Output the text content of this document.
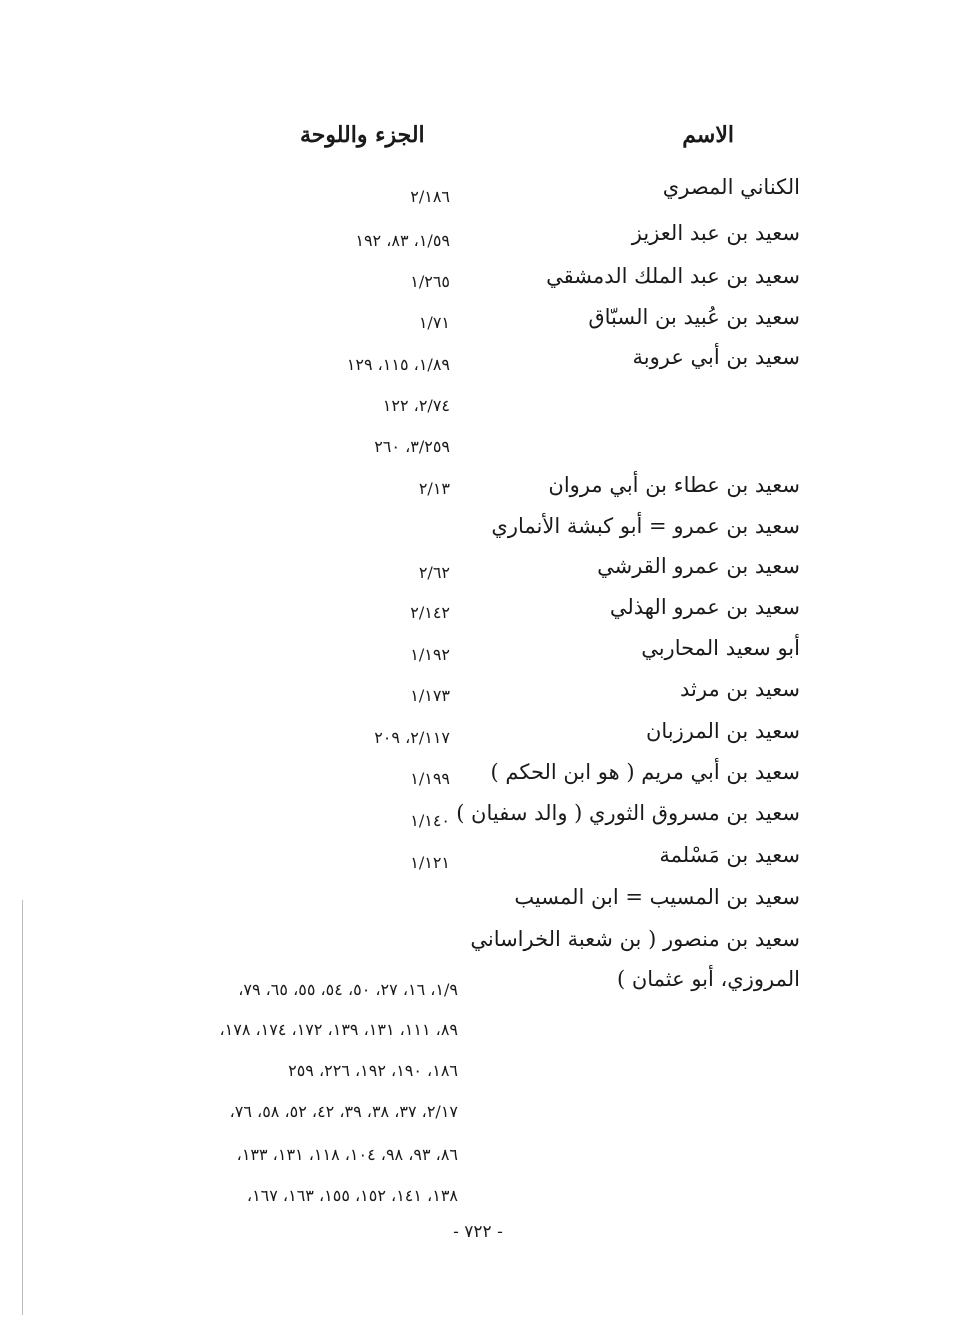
الاسم
الجزء واللوحة
الكناني المصري
٢/١٨٦
سعيد بن عبد العزيز
١/٥٩، ٨٣، ١٩٢
سعيد بن عبد الملك الدمشقي
١/٢٦٥
سعيد بن عُبيد بن السبّاق
١/٧١
سعيد بن أبي عروبة
١/٨٩، ١١٥، ١٢٩
٢/٧٤، ١٢٢
٣/٢٥٩، ٢٦٠
سعيد بن عطاء بن أبي مروان
٢/١٣
سعيد بن عمرو = أبو كبشة الأنماري
سعيد بن عمرو القرشي
٢/٦٢
سعيد بن عمرو الهذلي
٢/١٤٢
أبو سعيد المحاربي
١/١٩٢
سعيد بن مرثد
١/١٧٣
سعيد بن المرزبان
٢/١١٧، ٢٠٩
سعيد بن أبي مريم ( هو ابن الحكم )
١/١٩٩
سعيد بن مسروق الثوري ( والد سفيان )
١/١٤٠
سعيد بن مَسْلمة
١/١٢١
سعيد بن المسيب = ابن المسيب
سعيد بن منصور ( بن شعبة الخراساني
المروزي، أبو عثمان )
١/٩، ١٦، ٢٧، ٥٠، ٥٤، ٥٥، ٦٥، ٧٩،
٨٩، ١١١، ١٣١، ١٣٩، ١٧٢، ١٧٤، ١٧٨،
١٨٦، ١٩٠، ١٩٢، ٢٢٦، ٢٥٩
٢/١٧، ٣٧، ٣٨، ٣٩، ٤٢، ٥٢، ٥٨، ٧٦،
٨٦، ٩٣، ٩٨، ١٠٤، ١١٨، ١٣١، ١٣٣،
١٣٨، ١٤١، ١٥٢، ١٥٥، ١٦٣، ١٦٧،
- ٧٢٢ -
